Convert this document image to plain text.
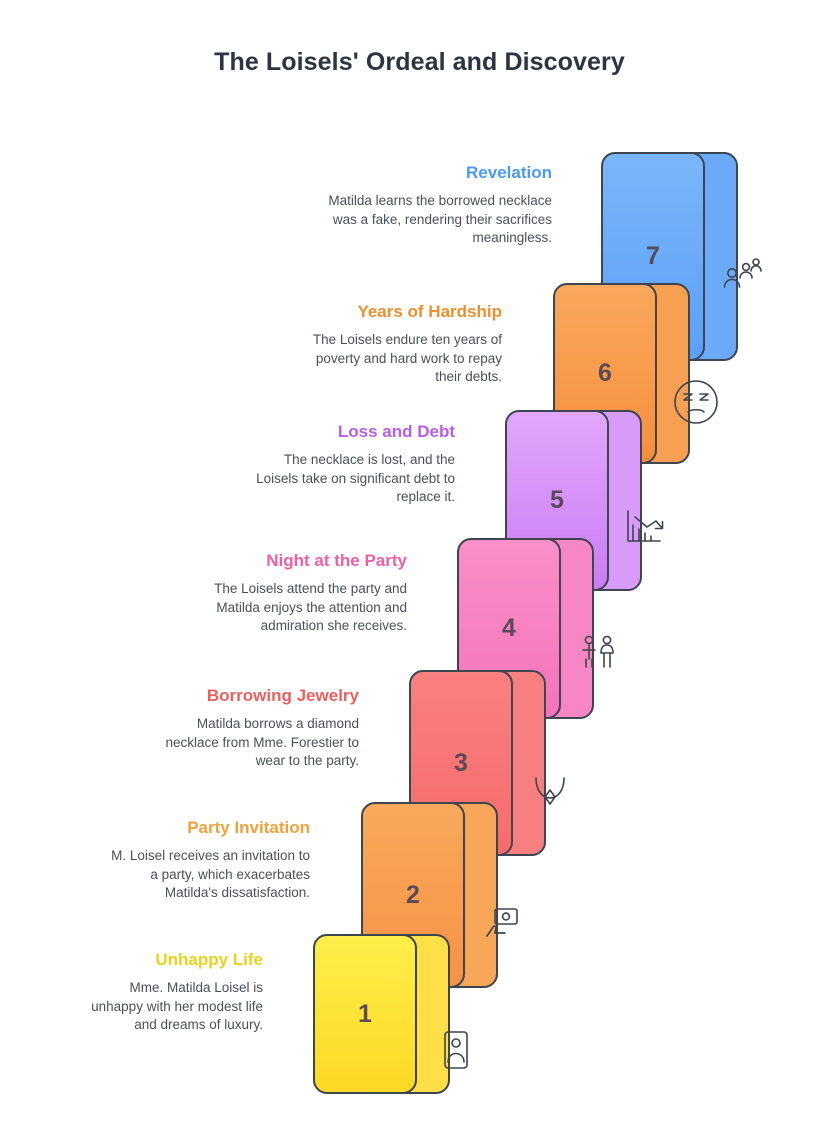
The Loisels' Ordeal and Discovery
7
Revelation
Matilda learns the borrowed necklace was a fake, rendering their sacrifices meaningless.
6
Years of Hardship
The Loisels endure ten years of poverty and hard work to repay their debts.
5
Loss and Debt
The necklace is lost, and the Loisels take on significant debt to replace it.
4
Night at the Party
The Loisels attend the party and Matilda enjoys the attention and admiration she receives.
3
Borrowing Jewelry
Matilda borrows a diamond necklace from Mme. Forestier to wear to the party.
2
Party Invitation
M. Loisel receives an invitation to a party, which exacerbates Matilda's dissatisfaction.
1
Unhappy Life
Mme. Matilda Loisel is unhappy with her modest life and dreams of luxury.
